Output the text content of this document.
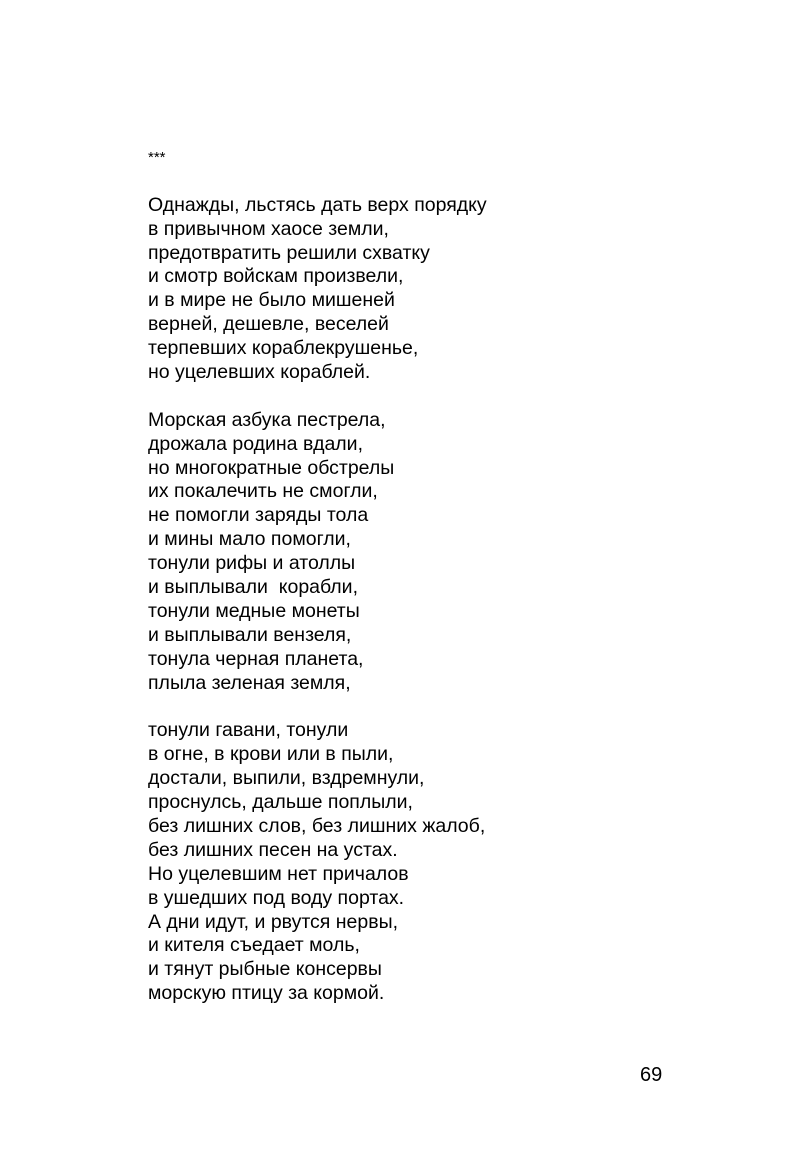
***
Однажды, льстясь дать верх порядку
в привычном хаосе земли,
предотвратить решили схватку
и смотр войскам произвели,
и в мире не было мишеней
верней, дешевле, веселей
терпевших кораблекрушенье,
но уцелевших кораблей.
Морская азбука пестрела,
дрожала родина вдали,
но многократные обстрелы
их покалечить не смогли,
не помогли заряды тола
и мины мало помогли,
тонули рифы и атоллы
и выплывали  корабли,
тонули медные монеты
и выплывали вензеля,
тонула черная планета,
плыла зеленая земля,
тонули гавани, тонули
в огне, в крови или в пыли,
достали, выпили, вздремнули,
проснулсь, дальше поплыли,
без лишних слов, без лишних жалоб,
без лишних песен на устах.
Но уцелевшим нет причалов
в ушедших под воду портах.
А дни идут, и рвутся нервы,
и кителя съедает моль,
и тянут рыбные консервы
морскую птицу за кормой.
69
